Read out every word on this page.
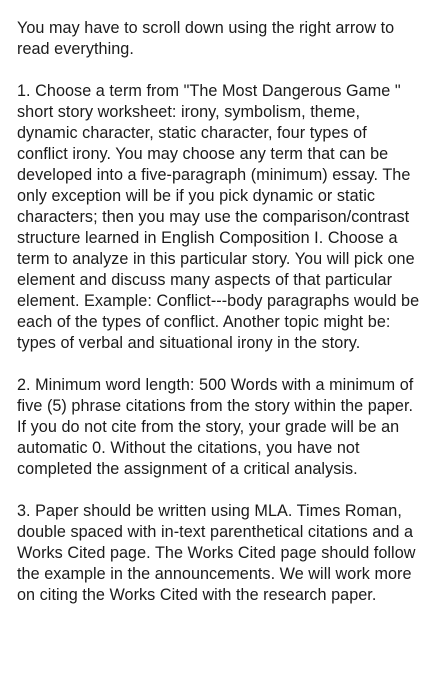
You may have to scroll down using the right arrow to read everything.

1. Choose a term from "The Most Dangerous Game " short story worksheet: irony, symbolism, theme, dynamic character, static character, four types of conflict irony. You may choose any term that can be developed into a five-paragraph (minimum) essay. The only exception will be if you pick dynamic or static characters; then you may use the comparison/contrast structure learned in English Composition I. Choose a term to analyze in this particular story. You will pick one element and discuss many aspects of that particular element. Example: Conflict---body paragraphs would be each of the types of conflict. Another topic might be: types of verbal and situational irony in the story.

2. Minimum word length: 500 Words with a minimum of five (5) phrase citations from the story within the paper. If you do not cite from the story, your grade will be an automatic 0. Without the citations, you have not completed the assignment of a critical analysis.

3. Paper should be written using MLA. Times Roman, double spaced with in-text parenthetical citations and a Works Cited page. The Works Cited page should follow the example in the announcements. We will work more on citing the Works Cited with the research paper.
